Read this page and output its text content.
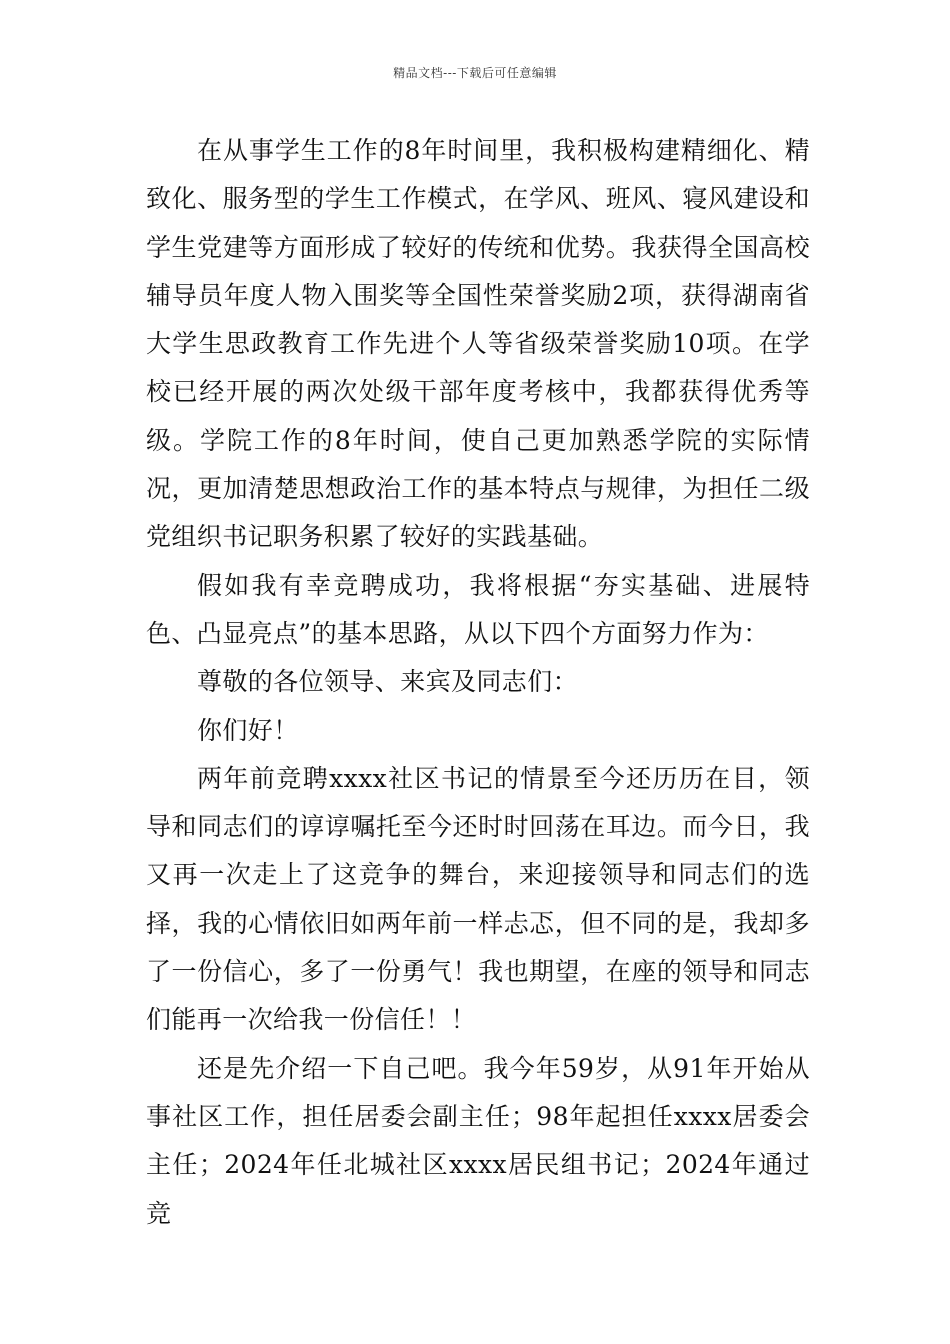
精品文档---下载后可任意编辑

在从事学生工作的8年时间里，我积极构建精细化、精致化、服务型的学生工作模式，在学风、班风、寝风建设和学生党建等方面形成了较好的传统和优势。我获得全国高校辅导员年度人物入围奖等全国性荣誉奖励2项，获得湖南省大学生思政教育工作先进个人等省级荣誉奖励10项。在学校已经开展的两次处级干部年度考核中，我都获得优秀等级。学院工作的8年时间，使自己更加熟悉学院的实际情况，更加清楚思想政治工作的基本特点与规律，为担任二级党组织书记职务积累了较好的实践基础。

假如我有幸竞聘成功，我将根据“夯实基础、进展特色、凸显亮点”的基本思路，从以下四个方面努力作为：

尊敬的各位领导、来宾及同志们：

你们好！

两年前竞聘xxxx社区书记的情景至今还历历在目，领导和同志们的谆谆嘱托至今还时时回荡在耳边。而今日，我又再一次走上了这竞争的舞台，来迎接领导和同志们的选择，我的心情依旧如两年前一样忐忑，但不同的是，我却多了一份信心，多了一份勇气！我也期望，在座的领导和同志们能再一次给我一份信任！！

还是先介绍一下自己吧。我今年59岁，从91年开始从事社区工作，担任居委会副主任；98年起担任xxxx居委会主任；2024年任北城社区xxxx居民组书记；2024年通过竞
